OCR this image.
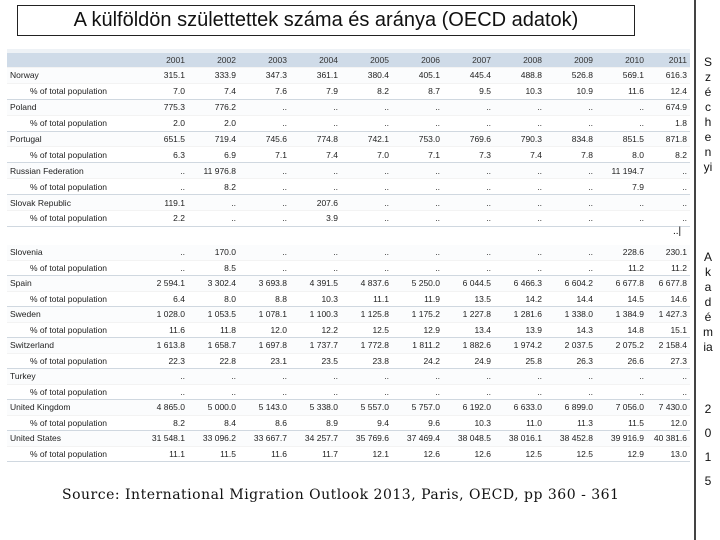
A külföldön születtettek száma és aránya (OECD adatok)
	2001	2002	2003	2004	2005	2006	2007	2008	2009	2010	2011
Norway	315.1	333.9	347.3	361.1	380.4	405.1	445.4	488.8	526.8	569.1	616.3
% of total population	7.0	7.4	7.6	7.9	8.2	8.7	9.5	10.3	10.9	11.6	12.4
Poland	775.3	776.2	..	..	..	..	..	..	..	..	674.9
% of total population	2.0	2.0	..	..	..	..	..	..	..	..	1.8
Portugal	651.5	719.4	745.6	774.8	742.1	753.0	769.6	790.3	834.8	851.5	871.8
% of total population	6.3	6.9	7.1	7.4	7.0	7.1	7.3	7.4	7.8	8.0	8.2
Russian Federation	..	11 976.8	..	..	..	..	..	..	..	11 194.7	..
% of total population	..	8.2	..	..	..	..	..	..	..	7.9	..
Slovak Republic	119.1	..	..	207.6	..	..	..	..	..	..	..
% of total population	2.2	..	..	3.9	..	..	..	..	..	..	..
..|
Slovenia	..	170.0	..	..	..	..	..	..	..	228.6	230.1
% of total population	..	8.5	..	..	..	..	..	..	..	11.2	11.2
Spain	2 594.1	3 302.4	3 693.8	4 391.5	4 837.6	5 250.0	6 044.5	6 466.3	6 604.2	6 677.8	6 677.8
% of total population	6.4	8.0	8.8	10.3	11.1	11.9	13.5	14.2	14.4	14.5	14.6
Sweden	1 028.0	1 053.5	1 078.1	1 100.3	1 125.8	1 175.2	1 227.8	1 281.6	1 338.0	1 384.9	1 427.3
% of total population	11.6	11.8	12.0	12.2	12.5	12.9	13.4	13.9	14.3	14.8	15.1
Switzerland	1 613.8	1 658.7	1 697.8	1 737.7	1 772.8	1 811.2	1 882.6	1 974.2	2 037.5	2 075.2	2 158.4
% of total population	22.3	22.8	23.1	23.5	23.8	24.2	24.9	25.8	26.3	26.6	27.3
Turkey	..	..	..	..	..	..	..	..	..	..	..
% of total population	..	..	..	..	..	..	..	..	..	..	..
United Kingdom	4 865.0	5 000.0	5 143.0	5 338.0	5 557.0	5 757.0	6 192.0	6 633.0	6 899.0	7 056.0	7 430.0
% of total population	8.2	8.4	8.6	8.9	9.4	9.6	10.3	11.0	11.3	11.5	12.0
United States	31 548.1	33 096.2	33 667.7	34 257.7	35 769.6	37 469.4	38 048.5	38 016.1	38 452.8	39 916.9	40 381.6
% of total population	11.1	11.5	11.6	11.7	12.1	12.6	12.6	12.5	12.5	12.9	13.0
Source: International Migration Outlook 2013, Paris, OECD, pp 360 - 361
S
z
é
c
h
e
n
yi
A
k
a
d
é
m
ia
2
0
1
5
